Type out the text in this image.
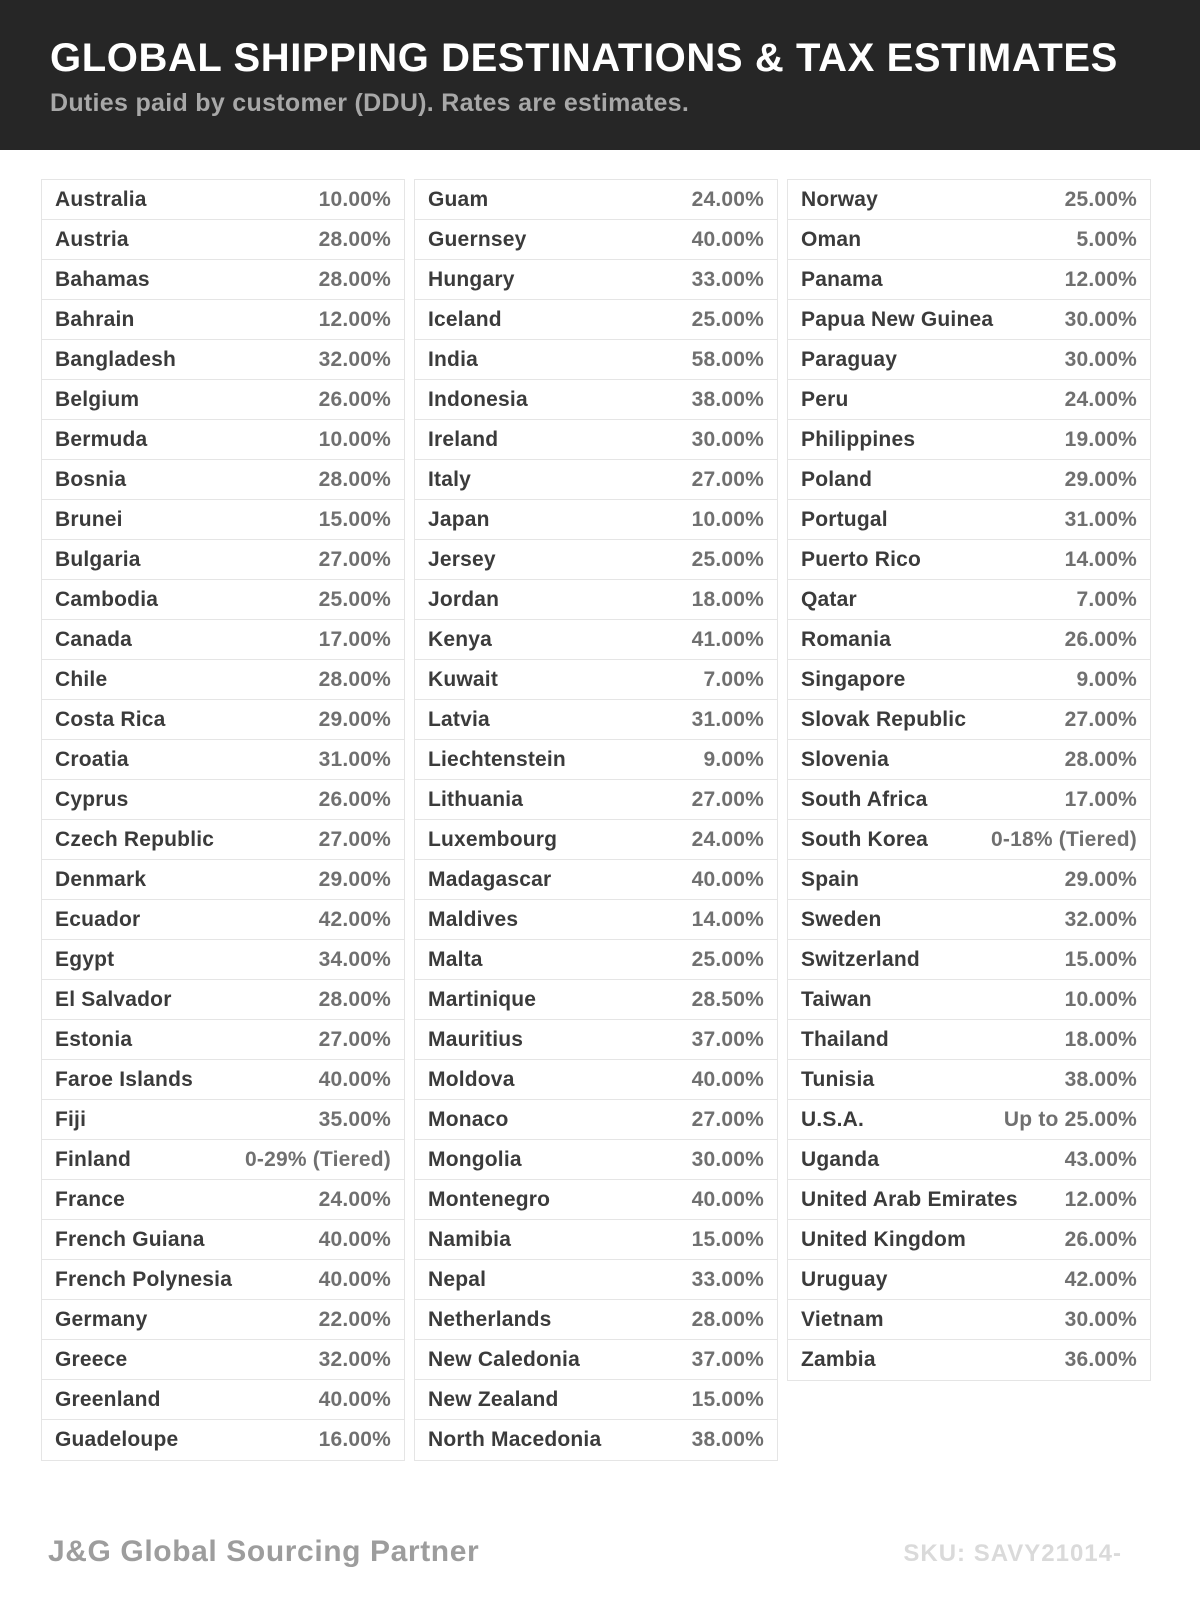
GLOBAL SHIPPING DESTINATIONS & TAX ESTIMATES

Duties paid by customer (DDU). Rates are estimates.

Australia	10.00%
Austria	28.00%
Bahamas	28.00%
Bahrain	12.00%
Bangladesh	32.00%
Belgium	26.00%
Bermuda	10.00%
Bosnia	28.00%
Brunei	15.00%
Bulgaria	27.00%
Cambodia	25.00%
Canada	17.00%
Chile	28.00%
Costa Rica	29.00%
Croatia	31.00%
Cyprus	26.00%
Czech Republic	27.00%
Denmark	29.00%
Ecuador	42.00%
Egypt	34.00%
El Salvador	28.00%
Estonia	27.00%
Faroe Islands	40.00%
Fiji	35.00%
Finland	0-29% (Tiered)
France	24.00%
French Guiana	40.00%
French Polynesia	40.00%
Germany	22.00%
Greece	32.00%
Greenland	40.00%
Guadeloupe	16.00%
Guam	24.00%
Guernsey	40.00%
Hungary	33.00%
Iceland	25.00%
India	58.00%
Indonesia	38.00%
Ireland	30.00%
Italy	27.00%
Japan	10.00%
Jersey	25.00%
Jordan	18.00%
Kenya	41.00%
Kuwait	7.00%
Latvia	31.00%
Liechtenstein	9.00%
Lithuania	27.00%
Luxembourg	24.00%
Madagascar	40.00%
Maldives	14.00%
Malta	25.00%
Martinique	28.50%
Mauritius	37.00%
Moldova	40.00%
Monaco	27.00%
Mongolia	30.00%
Montenegro	40.00%
Namibia	15.00%
Nepal	33.00%
Netherlands	28.00%
New Caledonia	37.00%
New Zealand	15.00%
North Macedonia	38.00%
Norway	25.00%
Oman	5.00%
Panama	12.00%
Papua New Guinea	30.00%
Paraguay	30.00%
Peru	24.00%
Philippines	19.00%
Poland	29.00%
Portugal	31.00%
Puerto Rico	14.00%
Qatar	7.00%
Romania	26.00%
Singapore	9.00%
Slovak Republic	27.00%
Slovenia	28.00%
South Africa	17.00%
South Korea	0-18% (Tiered)
Spain	29.00%
Sweden	32.00%
Switzerland	15.00%
Taiwan	10.00%
Thailand	18.00%
Tunisia	38.00%
U.S.A.	Up to 25.00%
Uganda	43.00%
United Arab Emirates 12.00%
United Kingdom	26.00%
Uruguay	42.00%
Vietnam	30.00%
Zambia	36.00%
J&G Global Sourcing Partner	SKU: SAVY21014-
